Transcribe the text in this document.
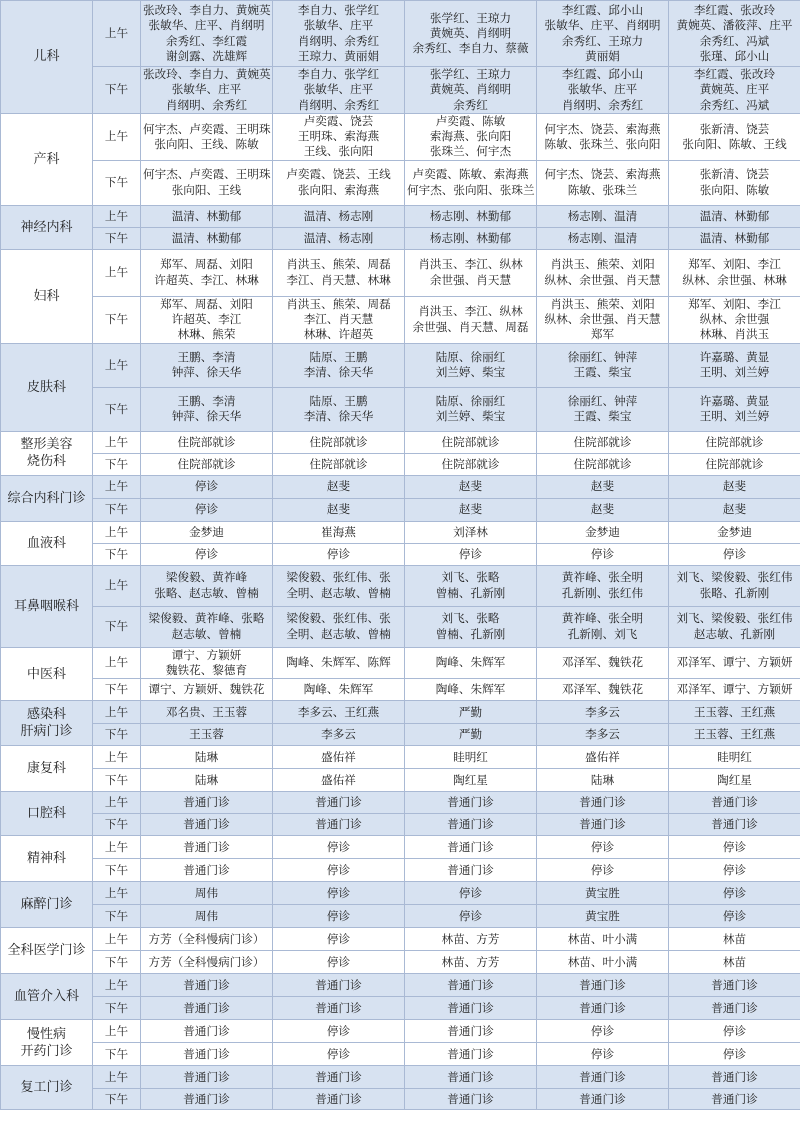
儿科	上午	张改玲、李自力、黄婉英
张敏华、庄平、肖纲明
余秀红、李红霞
谢剑露、冼雄辉	李自力、张学红
张敏华、庄平
肖纲明、余秀红
王琼力、黄丽娟	张学红、王琼力
黄婉英、肖纲明
余秀红、李自力、蔡薇	李红霞、邱小山
张敏华、庄平、肖纲明
余秀红、王琼力
黄丽娟	李红霞、张改玲
黄婉英、潘筱萍、庄平
余秀红、冯斌
张瑾、邱小山

	下午	张改玲、李自力、黄婉英
张敏华、庄平
肖纲明、余秀红	李自力、张学红
张敏华、庄平
肖纲明、余秀红	张学红、王琼力
黄婉英、肖纲明
余秀红	李红霞、邱小山
张敏华、庄平
肖纲明、余秀红	李红霞、张改玲
黄婉英、庄平
余秀红、冯斌

产科	上午	何宇杰、卢奕霞、王明珠
张向阳、王线、陈敏	卢奕霞、饶芸
王明珠、索海燕
王线、张向阳	卢奕霞、陈敏
索海燕、张向阳
张珠兰、何宇杰	何宇杰、饶芸、索海燕
陈敏、张珠兰、张向阳	张新清、饶芸
张向阳、陈敏、王线

	下午	何宇杰、卢奕霞、王明珠
张向阳、王线	卢奕霞、饶芸、王线
张向阳、索海燕	卢奕霞、陈敏、索海燕
何宇杰、张向阳、张珠兰	何宇杰、饶芸、索海燕
陈敏、张珠兰	张新清、饶芸
张向阳、陈敏

神经内科	上午	温清、林勤郁	温清、杨志刚	杨志刚、林勤郁	杨志刚、温清	温清、林勤郁

	下午	温清、林勤郁	温清、杨志刚	杨志刚、林勤郁	杨志刚、温清	温清、林勤郁

妇科	上午	郑军、周磊、刘阳
许超英、李江、林琳	肖洪玉、熊荣、周磊
李江、肖天慧、林琳	肖洪玉、李江、纵林
余世强、肖天慧	肖洪玉、熊荣、刘阳
纵林、余世强、肖天慧	郑军、刘阳、李江
纵林、余世强、林琳

	下午	郑军、周磊、刘阳
许超英、李江
林琳、熊荣	肖洪玉、熊荣、周磊
李江、肖天慧
林琳、许超英	肖洪玉、李江、纵林
余世强、肖天慧、周磊	肖洪玉、熊荣、刘阳
纵林、余世强、肖天慧
郑军	郑军、刘阳、李江
纵林、余世强
林琳、肖洪玉

皮肤科	上午	王鹏、李清
钟萍、徐天华	陆原、王鹏
李清、徐天华	陆原、徐丽红
刘兰婷、柴宝	徐丽红、钟萍
王霞、柴宝	许嘉璐、黄显
王明、刘兰婷

	下午	王鹏、李清
钟萍、徐天华	陆原、王鹏
李清、徐天华	陆原、徐丽红
刘兰婷、柴宝	徐丽红、钟萍
王霞、柴宝	许嘉璐、黄显
王明、刘兰婷

整形美容
烧伤科	上午	住院部就诊	住院部就诊	住院部就诊	住院部就诊	住院部就诊

	下午	住院部就诊	住院部就诊	住院部就诊	住院部就诊	住院部就诊

综合内科门诊	上午	停诊	赵斐	赵斐	赵斐	赵斐

	下午	停诊	赵斐	赵斐	赵斐	赵斐

血液科	上午	金梦迪	崔海燕	刘泽林	金梦迪	金梦迪

	下午	停诊	停诊	停诊	停诊	停诊

耳鼻咽喉科	上午	梁俊毅、黄祚峰
张略、赵志敏、曾楠	梁俊毅、张红伟、张
全明、赵志敏、曾楠	刘飞、张略
曾楠、孔新刚	黄祚峰、张全明
孔新刚、张红伟	刘飞、梁俊毅、张红伟
张略、孔新刚

	下午	梁俊毅、黄祚峰、张略
赵志敏、曾楠	梁俊毅、张红伟、张
全明、赵志敏、曾楠	刘飞、张略
曾楠、孔新刚	黄祚峰、张全明
孔新刚、刘飞	刘飞、梁俊毅、张红伟
赵志敏、孔新刚

中医科	上午	谭宁、方颖妍
魏铁花、黎德育	陶峰、朱辉军、陈辉	陶峰、朱辉军	邓泽军、魏铁花	邓泽军、谭宁、方颖妍

	下午	谭宁、方颖妍、魏铁花	陶峰、朱辉军	陶峰、朱辉军	邓泽军、魏铁花	邓泽军、谭宁、方颖妍

感染科
肝病门诊	上午	邓名贵、王玉蓉	李多云、王红燕	严勤	李多云	王玉蓉、王红燕

	下午	王玉蓉	李多云	严勤	李多云	王玉蓉、王红燕

康复科	上午	陆琳	盛佑祥	眭明红	盛佑祥	眭明红

	下午	陆琳	盛佑祥	陶红星	陆琳	陶红星

口腔科	上午	普通门诊	普通门诊	普通门诊	普通门诊	普通门诊

	下午	普通门诊	普通门诊	普通门诊	普通门诊	普通门诊

精神科	上午	普通门诊	停诊	普通门诊	停诊	停诊

	下午	普通门诊	停诊	普通门诊	停诊	停诊

麻醉门诊	上午	周伟	停诊	停诊	黄宝胜	停诊

	下午	周伟	停诊	停诊	黄宝胜	停诊

全科医学门诊	上午	方芳（全科慢病门诊）	停诊	林苗、方芳	林苗、叶小满	林苗

	下午	方芳（全科慢病门诊）	停诊	林苗、方芳	林苗、叶小满	林苗

血管介入科	上午	普通门诊	普通门诊	普通门诊	普通门诊	普通门诊

	下午	普通门诊	普通门诊	普通门诊	普通门诊	普通门诊

慢性病
开药门诊	上午	普通门诊	停诊	普通门诊	停诊	停诊

	下午	普通门诊	停诊	普通门诊	停诊	停诊

复工门诊	上午	普通门诊	普通门诊	普通门诊	普通门诊	普通门诊

	下午	普通门诊	普通门诊	普通门诊	普通门诊	普通门诊
